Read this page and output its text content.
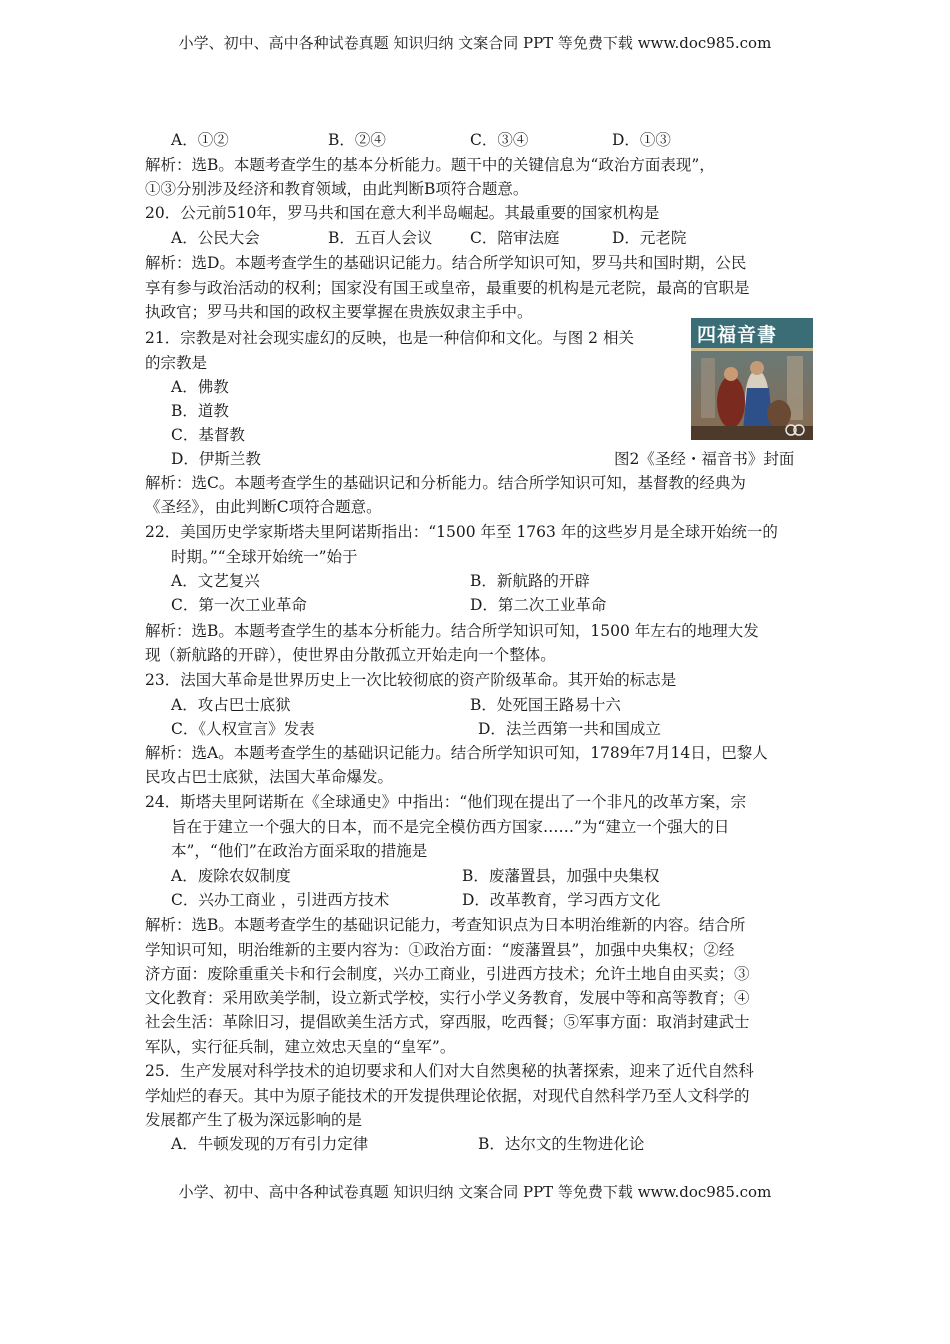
小学、初中、高中各种试卷真题 知识归纳 文案合同 PPT 等免费下载 www.doc985.com
A．①②	B．②④	C．③④	D．①③
解析：选B。本题考查学生的基本分析能力。题干中的关键信息为“政治方面表现”，
①③分别涉及经济和教育领域，由此判断B项符合题意。
20．公元前510年，罗马共和国在意大利半岛崛起。其最重要的国家机构是
A．公民大会	B．五百人会议 C．陪审法庭	D．元老院
解析：选D。本题考查学生的基础识记能力。结合所学知识可知，罗马共和国时期，公民
享有参与政治活动的权利；国家没有国王或皇帝，最重要的机构是元老院，最高的官职是
执政官；罗马共和国的政权主要掌握在贵族奴隶主手中。
21．宗教是对社会现实虚幻的反映，也是一种信仰和文化。与图 2 相关
的宗教是
A．佛教
B．道教
C．基督教
D．伊斯兰教
四福音書
图2《圣经・福音书》封面
解析：选C。本题考查学生的基础识记和分析能力。结合所学知识可知，基督教的经典为
《圣经》，由此判断C项符合题意。
22．美国历史学家斯塔夫里阿诺斯指出：“1500 年至 1763 年的这些岁月是全球开始统一的
时期。”“全球开始统一”始于
A．文艺复兴	B．新航路的开辟
C．第一次工业革命	D．第二次工业革命
解析：选B。本题考查学生的基本分析能力。结合所学知识可知，1500 年左右的地理大发
现（新航路的开辟），使世界由分散孤立开始走向一个整体。
23．法国大革命是世界历史上一次比较彻底的资产阶级革命。其开始的标志是
A．攻占巴士底狱	B．处死国王路易十六
C．《人权宣言》发表	D．法兰西第一共和国成立
解析：选A。本题考查学生的基础识记能力。结合所学知识可知，1789年7月14日，巴黎人
民攻占巴士底狱，法国大革命爆发。
24．斯塔夫里阿诺斯在《全球通史》中指出：“他们现在提出了一个非凡的改革方案，宗
旨在于建立一个强大的日本，而不是完全模仿西方国家……”为“建立一个强大的日
本”，“他们”在政治方面采取的措施是
A．废除农奴制度	B．废藩置县，加强中央集权
C．兴办工商业 ，引进西方技术	D．改革教育，学习西方文化
解析：选B。本题考查学生的基础识记能力，考查知识点为日本明治维新的内容。结合所
学知识可知，明治维新的主要内容为：①政治方面：“废藩置县”，加强中央集权；②经
济方面：废除重重关卡和行会制度，兴办工商业，引进西方技术；允许土地自由买卖；③
文化教育：采用欧美学制，设立新式学校，实行小学义务教育，发展中等和高等教育；④
社会生活：革除旧习，提倡欧美生活方式，穿西服，吃西餐；⑤军事方面：取消封建武士
军队，实行征兵制，建立效忠天皇的“皇军”。
25．生产发展对科学技术的迫切要求和人们对大自然奥秘的执著探索，迎来了近代自然科
学灿烂的春天。其中为原子能技术的开发提供理论依据，对现代自然科学乃至人文科学的
发展都产生了极为深远影响的是
A．牛顿发现的万有引力定律	B．达尔文的生物进化论
小学、初中、高中各种试卷真题 知识归纳 文案合同 PPT 等免费下载 www.doc985.com
